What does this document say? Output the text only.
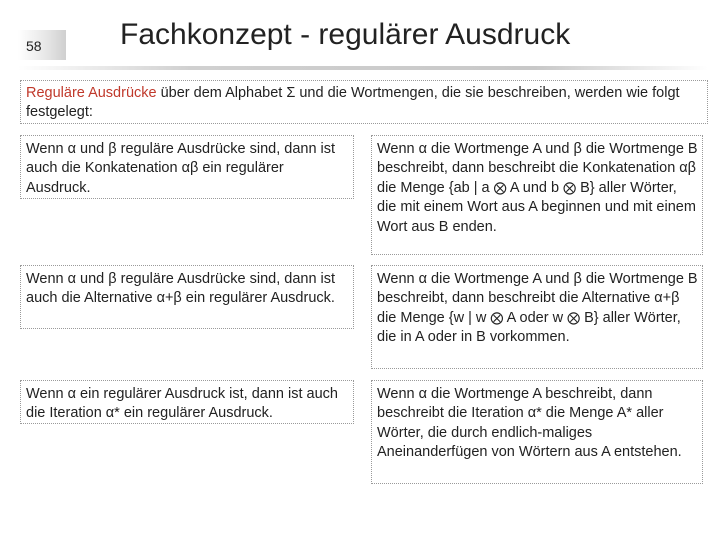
58	Fachkonzept - regulärer Ausdruck
Reguläre Ausdrücke über dem Alphabet Σ und die Wortmengen, die sie beschreiben, werden wie folgt festgelegt:
Wenn α und β reguläre Ausdrücke sind, dann ist auch die Konkatenation αβ ein regulärer Ausdruck.
Wenn α die Wortmenge A und β die Wortmenge B beschreibt, dann beschreibt die Konkatenation αβ die Menge {ab | a ⨂ A und b ⨂ B} aller Wörter, die mit einem Wort aus A beginnen und mit einem Wort aus B enden.
Wenn α und β reguläre Ausdrücke sind, dann ist auch die Alternative α+β ein regulärer Ausdruck.
Wenn α die Wortmenge A und β die Wortmenge B beschreibt, dann beschreibt die Alternative α+β die Menge {w | w ⨂ A oder w ⨂ B} aller Wörter, die in A oder in B vorkommen.
Wenn α ein regulärer Ausdruck ist, dann ist auch die Iteration α* ein regulärer Ausdruck.
Wenn α die Wortmenge A beschreibt, dann beschreibt die Iteration α* die Menge A* aller Wörter, die durch endlich-maliges Aneinanderfügen von Wörtern aus A entstehen.
